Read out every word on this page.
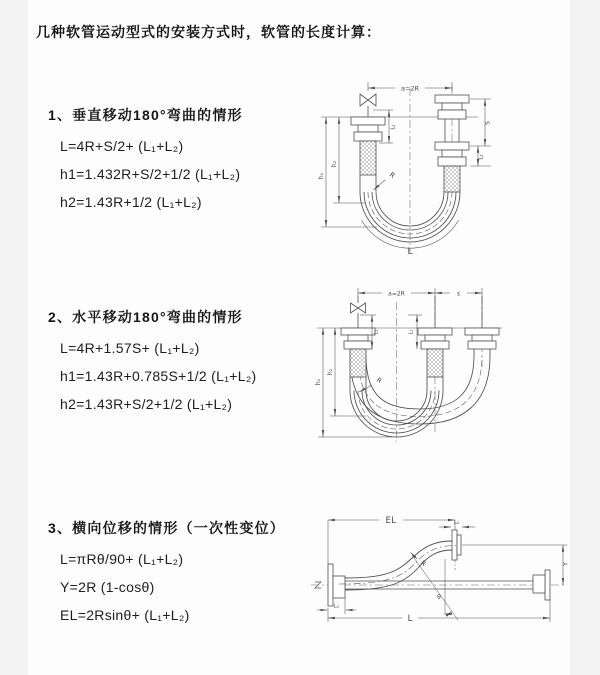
几种软管运动型式的安装方式时，软管的长度计算：
1、垂直移动180°弯曲的情形
L=4R+S/2+ (L₁+L₂)
h1=1.432R+S/2+1/2 (L₁+L₂)
h2=1.43R+1/2 (L₁+L₂)
2、水平移动180°弯曲的情形
L=4R+1.57S+ (L₁+L₂)
h1=1.43R+0.785S+1/2 (L₁+L₂)
h2=1.43R+S/2+1/2 (L₁+L₂)
3、横向位移的情形（一次性变位）
L=πRθ/90+ (L₁+L₂)
Y=2R (1-cosθ)
EL=2Rsinθ+ (L₁+L₂)
a=2R
L
h₁
h₂
L₁
S
L₂
R
a=2R	s
h₁
h₂
L₁	L₂
R
EL	L₂
θ
R	Y
L
L₁
